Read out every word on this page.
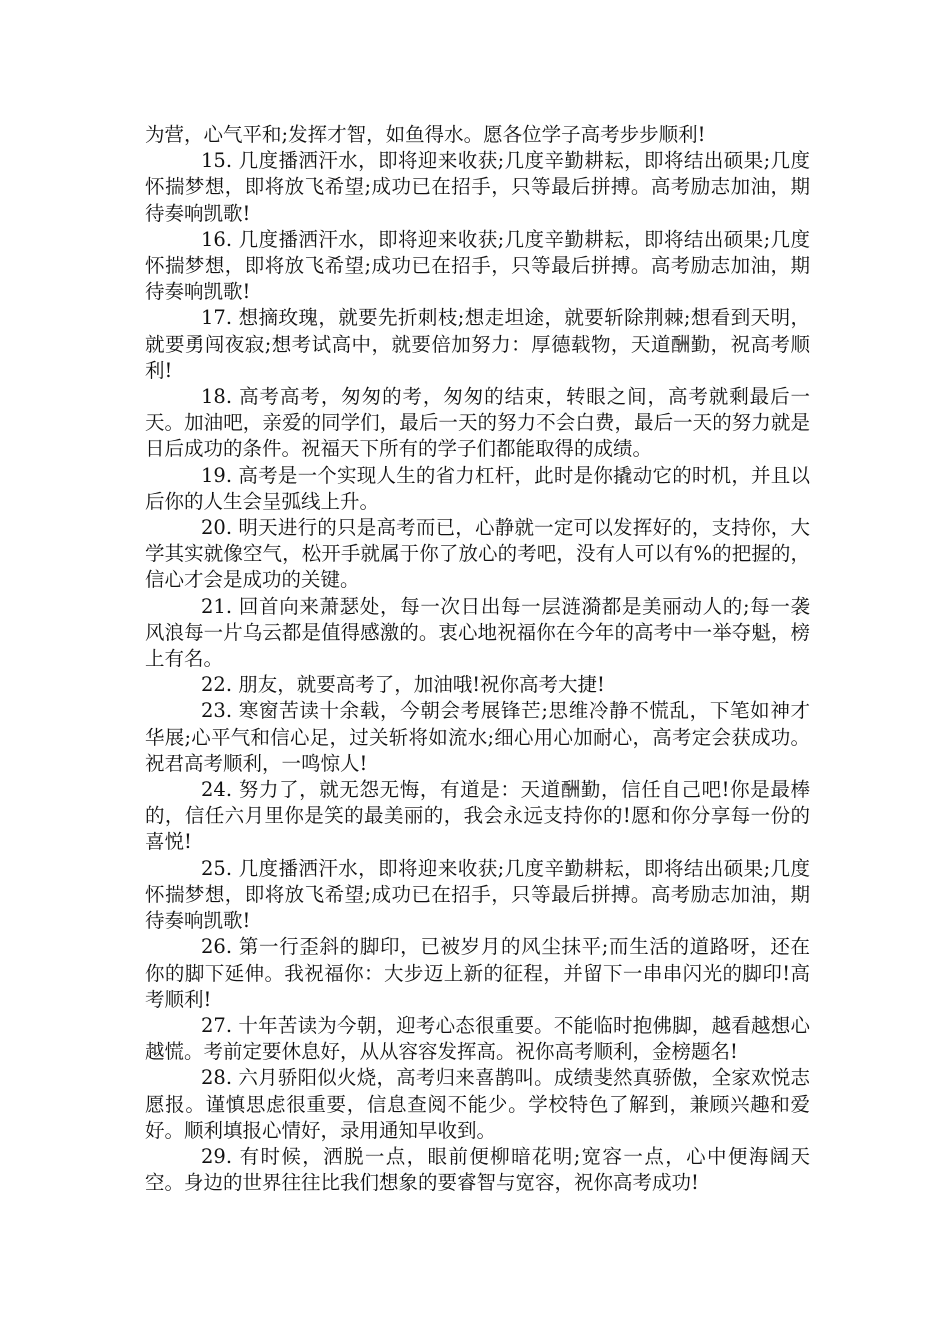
为营，心气平和;发挥才智，如鱼得水。愿各位学子高考步步顺利!

15. 几度播洒汗水，即将迎来收获;几度辛勤耕耘，即将结出硕果;几度怀揣梦想，即将放飞希望;成功已在招手，只等最后拼搏。高考励志加油，期待奏响凯歌!

16. 几度播洒汗水，即将迎来收获;几度辛勤耕耘，即将结出硕果;几度怀揣梦想，即将放飞希望;成功已在招手，只等最后拼搏。高考励志加油，期待奏响凯歌!

17. 想摘玫瑰，就要先折刺枝;想走坦途，就要斩除荆棘;想看到天明，就要勇闯夜寂;想考试高中，就要倍加努力：厚德载物，天道酬勤，祝高考顺利!

18. 高考高考，匆匆的考，匆匆的结束，转眼之间，高考就剩最后一天。加油吧，亲爱的同学们，最后一天的努力不会白费，最后一天的努力就是日后成功的条件。祝福天下所有的学子们都能取得的成绩。

19. 高考是一个实现人生的省力杠杆，此时是你撬动它的时机，并且以后你的人生会呈弧线上升。

20. 明天进行的只是高考而已，心静就一定可以发挥好的，支持你，大学其实就像空气，松开手就属于你了放心的考吧，没有人可以有%的把握的，信心才会是成功的关键。

21. 回首向来萧瑟处，每一次日出每一层涟漪都是美丽动人的;每一袭风浪每一片乌云都是值得感激的。衷心地祝福你在今年的高考中一举夺魁，榜上有名。

22. 朋友，就要高考了，加油哦!祝你高考大捷!

23. 寒窗苦读十余载，今朝会考展锋芒;思维冷静不慌乱，下笔如神才华展;心平气和信心足，过关斩将如流水;细心用心加耐心，高考定会获成功。祝君高考顺利，一鸣惊人!

24. 努力了，就无怨无悔，有道是：天道酬勤，信任自己吧!你是最棒的，信任六月里你是笑的最美丽的，我会永远支持你的!愿和你分享每一份的喜悦!

25. 几度播洒汗水，即将迎来收获;几度辛勤耕耘，即将结出硕果;几度怀揣梦想，即将放飞希望;成功已在招手，只等最后拼搏。高考励志加油，期待奏响凯歌!

26. 第一行歪斜的脚印，已被岁月的风尘抹平;而生活的道路呀，还在你的脚下延伸。我祝福你：大步迈上新的征程，并留下一串串闪光的脚印!高考顺利!

27. 十年苦读为今朝，迎考心态很重要。不能临时抱佛脚，越看越想心越慌。考前定要休息好，从从容容发挥高。祝你高考顺利，金榜题名!

28. 六月骄阳似火烧，高考归来喜鹊叫。成绩斐然真骄傲，全家欢悦志愿报。谨慎思虑很重要，信息查阅不能少。学校特色了解到，兼顾兴趣和爱好。顺利填报心情好，录用通知早收到。

29. 有时候，洒脱一点，眼前便柳暗花明;宽容一点，心中便海阔天空。身边的世界往往比我们想象的要睿智与宽容，祝你高考成功!
